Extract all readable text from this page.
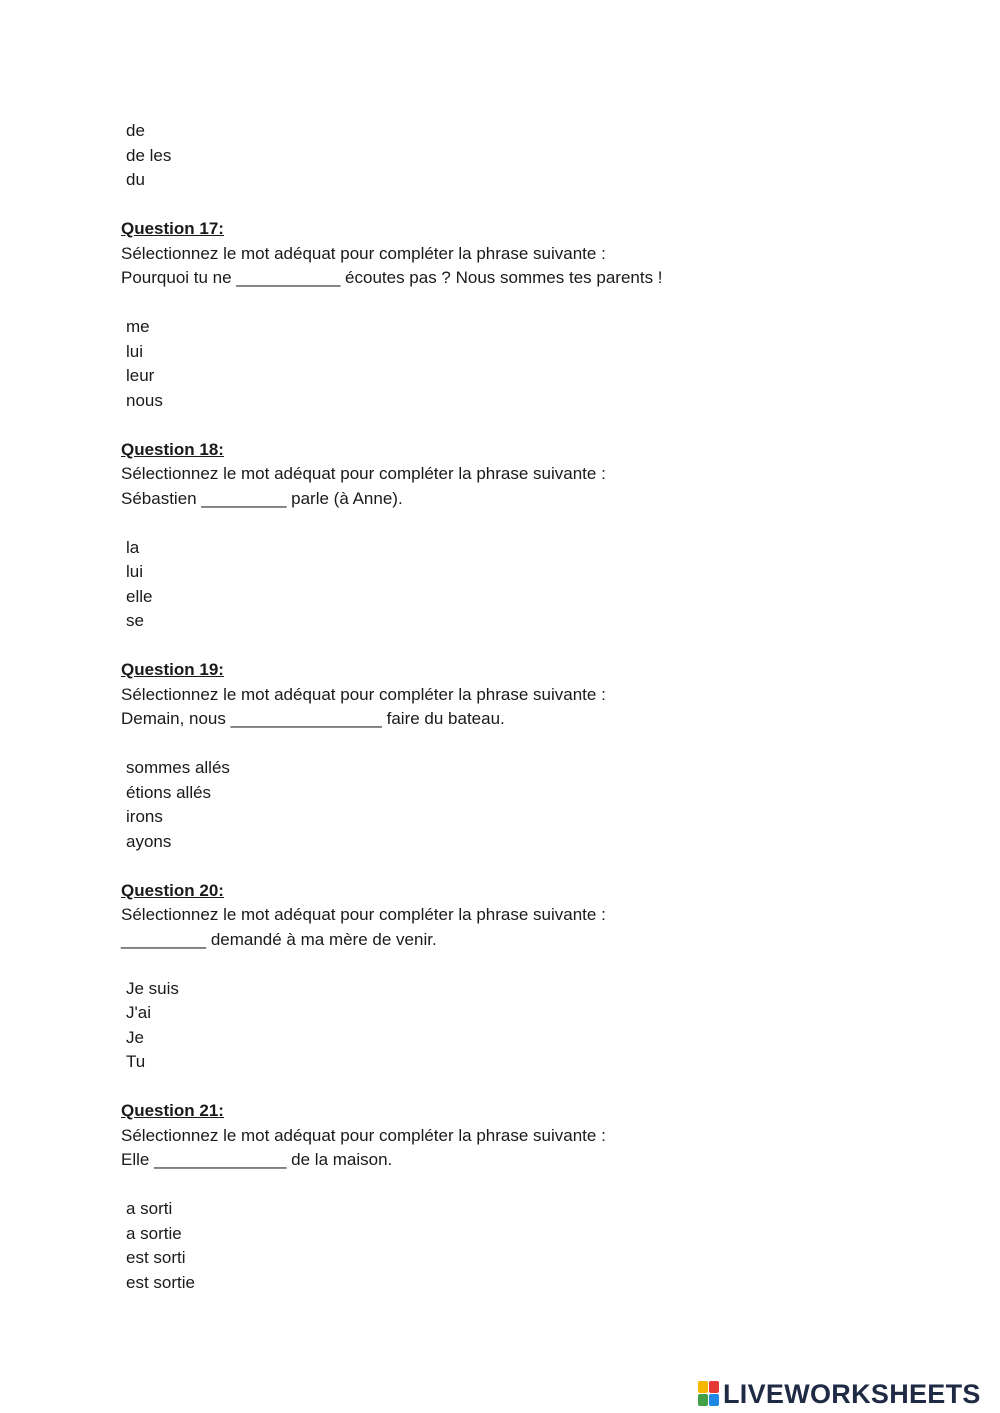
de
de les
du
Question 17:
Sélectionnez le mot adéquat pour compléter la phrase suivante :
Pourquoi tu ne ___________ écoutes pas ? Nous sommes tes parents !
me
lui
leur
nous
Question 18:
Sélectionnez le mot adéquat pour compléter la phrase suivante :
Sébastien _________ parle (à Anne).
la
lui
elle
se
Question 19:
Sélectionnez le mot adéquat pour compléter la phrase suivante :
Demain, nous ________________ faire du bateau.
sommes allés
étions allés
irons
ayons
Question 20:
Sélectionnez le mot adéquat pour compléter la phrase suivante :
_________ demandé à ma mère de venir.
Je suis
J'ai
Je
Tu
Question 21:
Sélectionnez le mot adéquat pour compléter la phrase suivante :
Elle ______________ de la maison.
a sorti
a sortie
est sorti
est sortie
LIVEWORKSHEETS
